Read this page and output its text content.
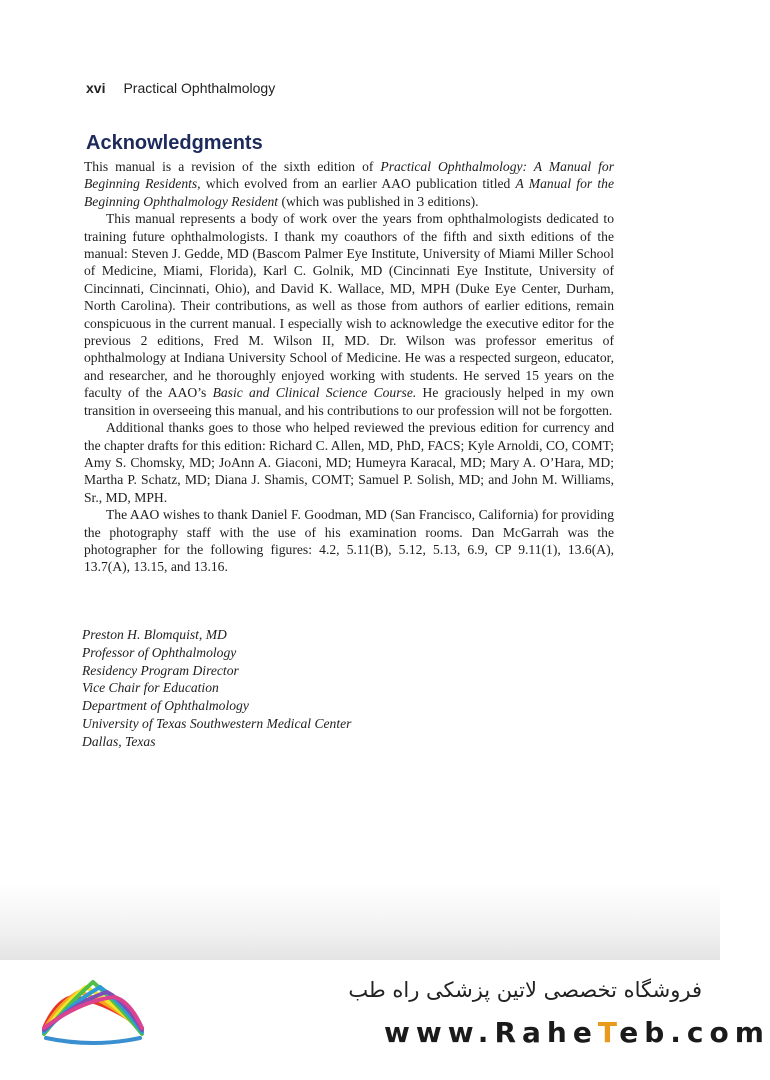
xvi Practical Ophthalmology
Acknowledgments

This manual is a revision of the sixth edition of Practical Ophthalmology: A Manual for Beginning Residents, which evolved from an earlier AAO publication titled A Manual for the Beginning Ophthalmology Resident (which was published in 3 editions).

This manual represents a body of work over the years from ophthalmologists dedicated to training future ophthalmologists. I thank my coauthors of the fifth and sixth editions of the manual: Steven J. Gedde, MD (Bascom Palmer Eye Institute, University of Miami Miller School of Medicine, Miami, Florida), Karl C. Golnik, MD (Cincinnati Eye Institute, University of Cincinnati, Cincinnati, Ohio), and David K. Wallace, MD, MPH (Duke Eye Center, Durham, North Carolina). Their contributions, as well as those from authors of earlier editions, remain conspicuous in the current manual. I especially wish to acknowledge the executive editor for the previous 2 editions, Fred M. Wilson II, MD. Dr. Wilson was professor emeritus of ophthalmology at Indiana University School of Medicine. He was a respected surgeon, educator, and researcher, and he thoroughly enjoyed working with students. He served 15 years on the faculty of the AAO’s Basic and Clinical Science Course. He graciously helped in my own transition in overseeing this manual, and his contributions to our profession will not be forgotten.

Additional thanks goes to those who helped reviewed the previous edition for currency and the chapter drafts for this edition: Richard C. Allen, MD, PhD, FACS; Kyle Arnoldi, CO, COMT; Amy S. Chomsky, MD; JoAnn A. Giaconi, MD; Humeyra Karacal, MD; Mary A. O’Hara, MD; Martha P. Schatz, MD; Diana J. Shamis, COMT; Samuel P. Solish, MD; and John M. Williams, Sr., MD, MPH.

The AAO wishes to thank Daniel F. Goodman, MD (San Francisco, California) for providing the photography staff with the use of his examination rooms. Dan McGarrah was the photographer for the following figures: 4.2, 5.11(B), 5.12, 5.13, 6.9, CP 9.11(1), 13.6(A), 13.7(A), 13.15, and 13.16.

Preston H. Blomquist, MD
Professor of Ophthalmology
Residency Program Director
Vice Chair for Education
Department of Ophthalmology
University of Texas Southwestern Medical Center
Dallas, Texas
فروشگاه تخصصی لاتین پزشکی راه طب
www.RaheTeb.com
